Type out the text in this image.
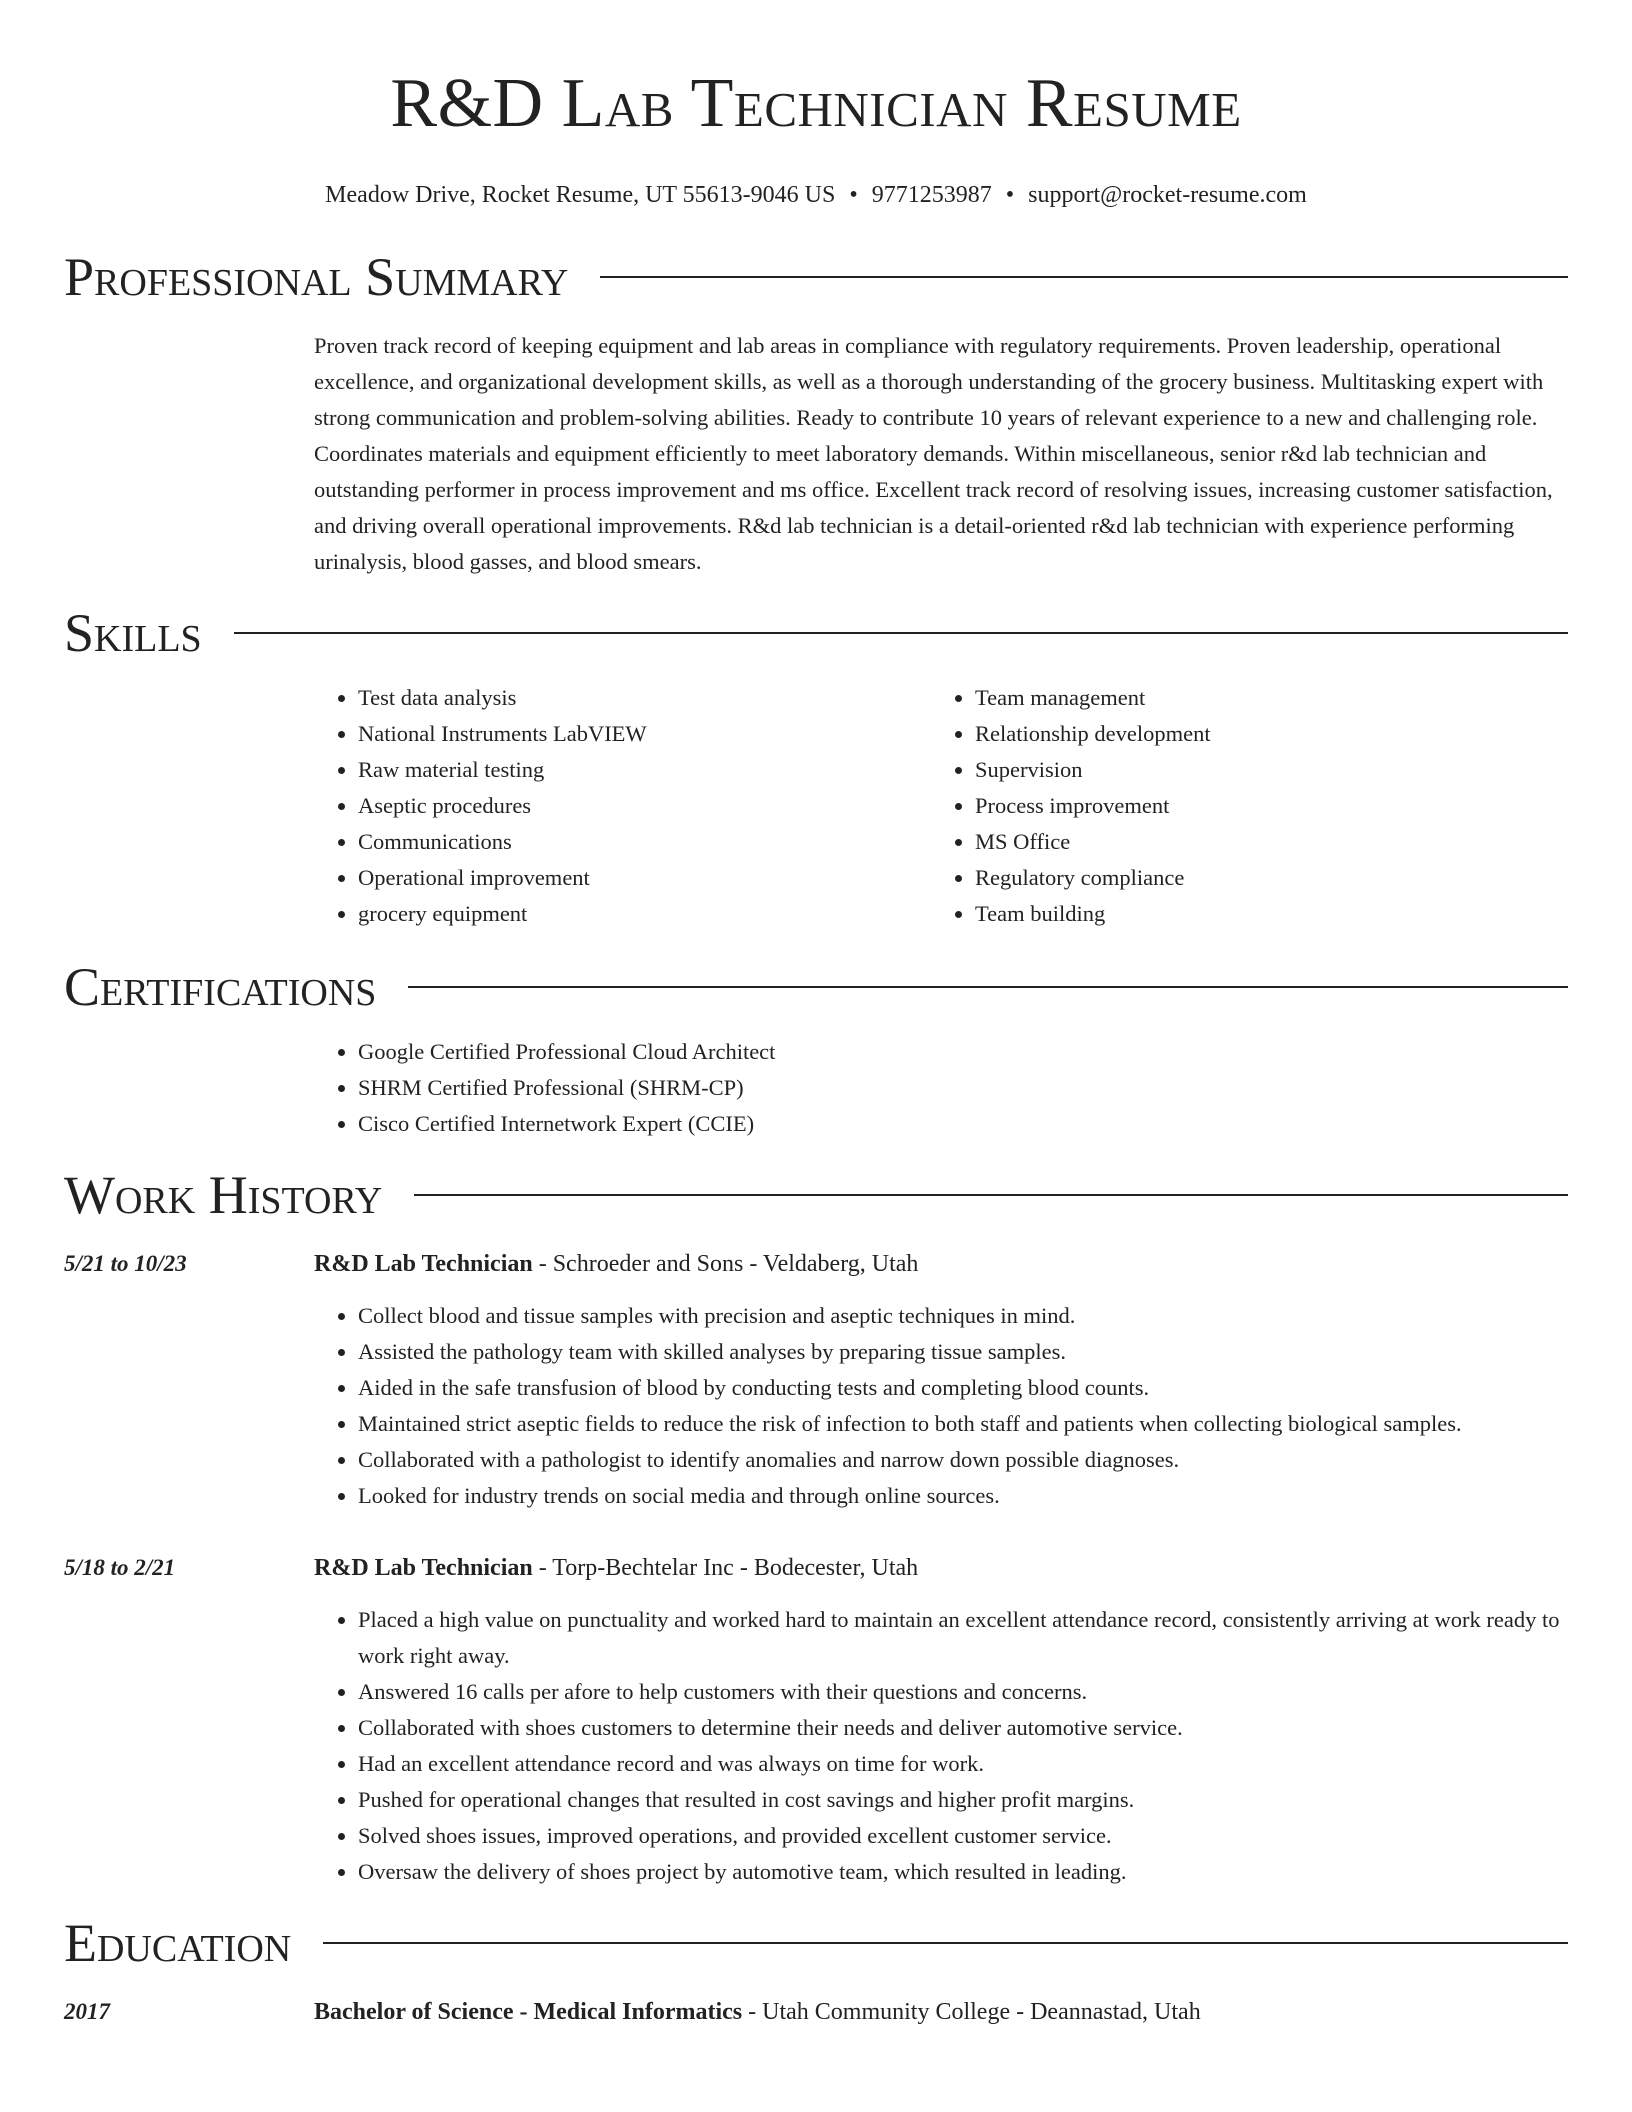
R&D Lab Technician Resume
Meadow Drive, Rocket Resume, UT 55613-9046 US • 9771253987 • support@rocket-resume.com
Professional Summary

Proven track record of keeping equipment and lab areas in compliance with regulatory requirements. Proven leadership, operational excellence, and organizational development skills, as well as a thorough understanding of the grocery business. Multitasking expert with strong communication and problem-solving abilities. Ready to contribute 10 years of relevant experience to a new and challenging role. Coordinates materials and equipment efficiently to meet laboratory demands. Within miscellaneous, senior r&d lab technician and outstanding performer in process improvement and ms office. Excellent track record of resolving issues, increasing customer satisfaction, and driving overall operational improvements. R&d lab technician is a detail-oriented r&d lab technician with experience performing urinalysis, blood gasses, and blood smears.

Skills
• Test data analysis
• National Instruments LabVIEW
• Raw material testing
• Aseptic procedures
• Communications
• Operational improvement
• grocery equipment
• Team management
• Relationship development
• Supervision
• Process improvement
• MS Office
• Regulatory compliance
• Team building
Certifications
• Google Certified Professional Cloud Architect
• SHRM Certified Professional (SHRM-CP)
• Cisco Certified Internetwork Expert (CCIE)
Work History
5/21 to 10/23	R&D Lab Technician - Schroeder and Sons - Veldaberg, Utah
• Collect blood and tissue samples with precision and aseptic techniques in mind.
• Assisted the pathology team with skilled analyses by preparing tissue samples.
• Aided in the safe transfusion of blood by conducting tests and completing blood counts.
• Maintained strict aseptic fields to reduce the risk of infection to both staff and patients when collecting biological samples.
• Collaborated with a pathologist to identify anomalies and narrow down possible diagnoses.
• Looked for industry trends on social media and through online sources.
5/18 to 2/21	R&D Lab Technician - Torp-Bechtelar Inc - Bodecester, Utah
• Placed a high value on punctuality and worked hard to maintain an excellent attendance record, consistently arriving at work ready to work right away.
• Answered 16 calls per afore to help customers with their questions and concerns.
• Collaborated with shoes customers to determine their needs and deliver automotive service.
• Had an excellent attendance record and was always on time for work.
• Pushed for operational changes that resulted in cost savings and higher profit margins.
• Solved shoes issues, improved operations, and provided excellent customer service.
• Oversaw the delivery of shoes project by automotive team, which resulted in leading.
Education
2017	Bachelor of Science - Medical Informatics - Utah Community College - Deannastad, Utah
